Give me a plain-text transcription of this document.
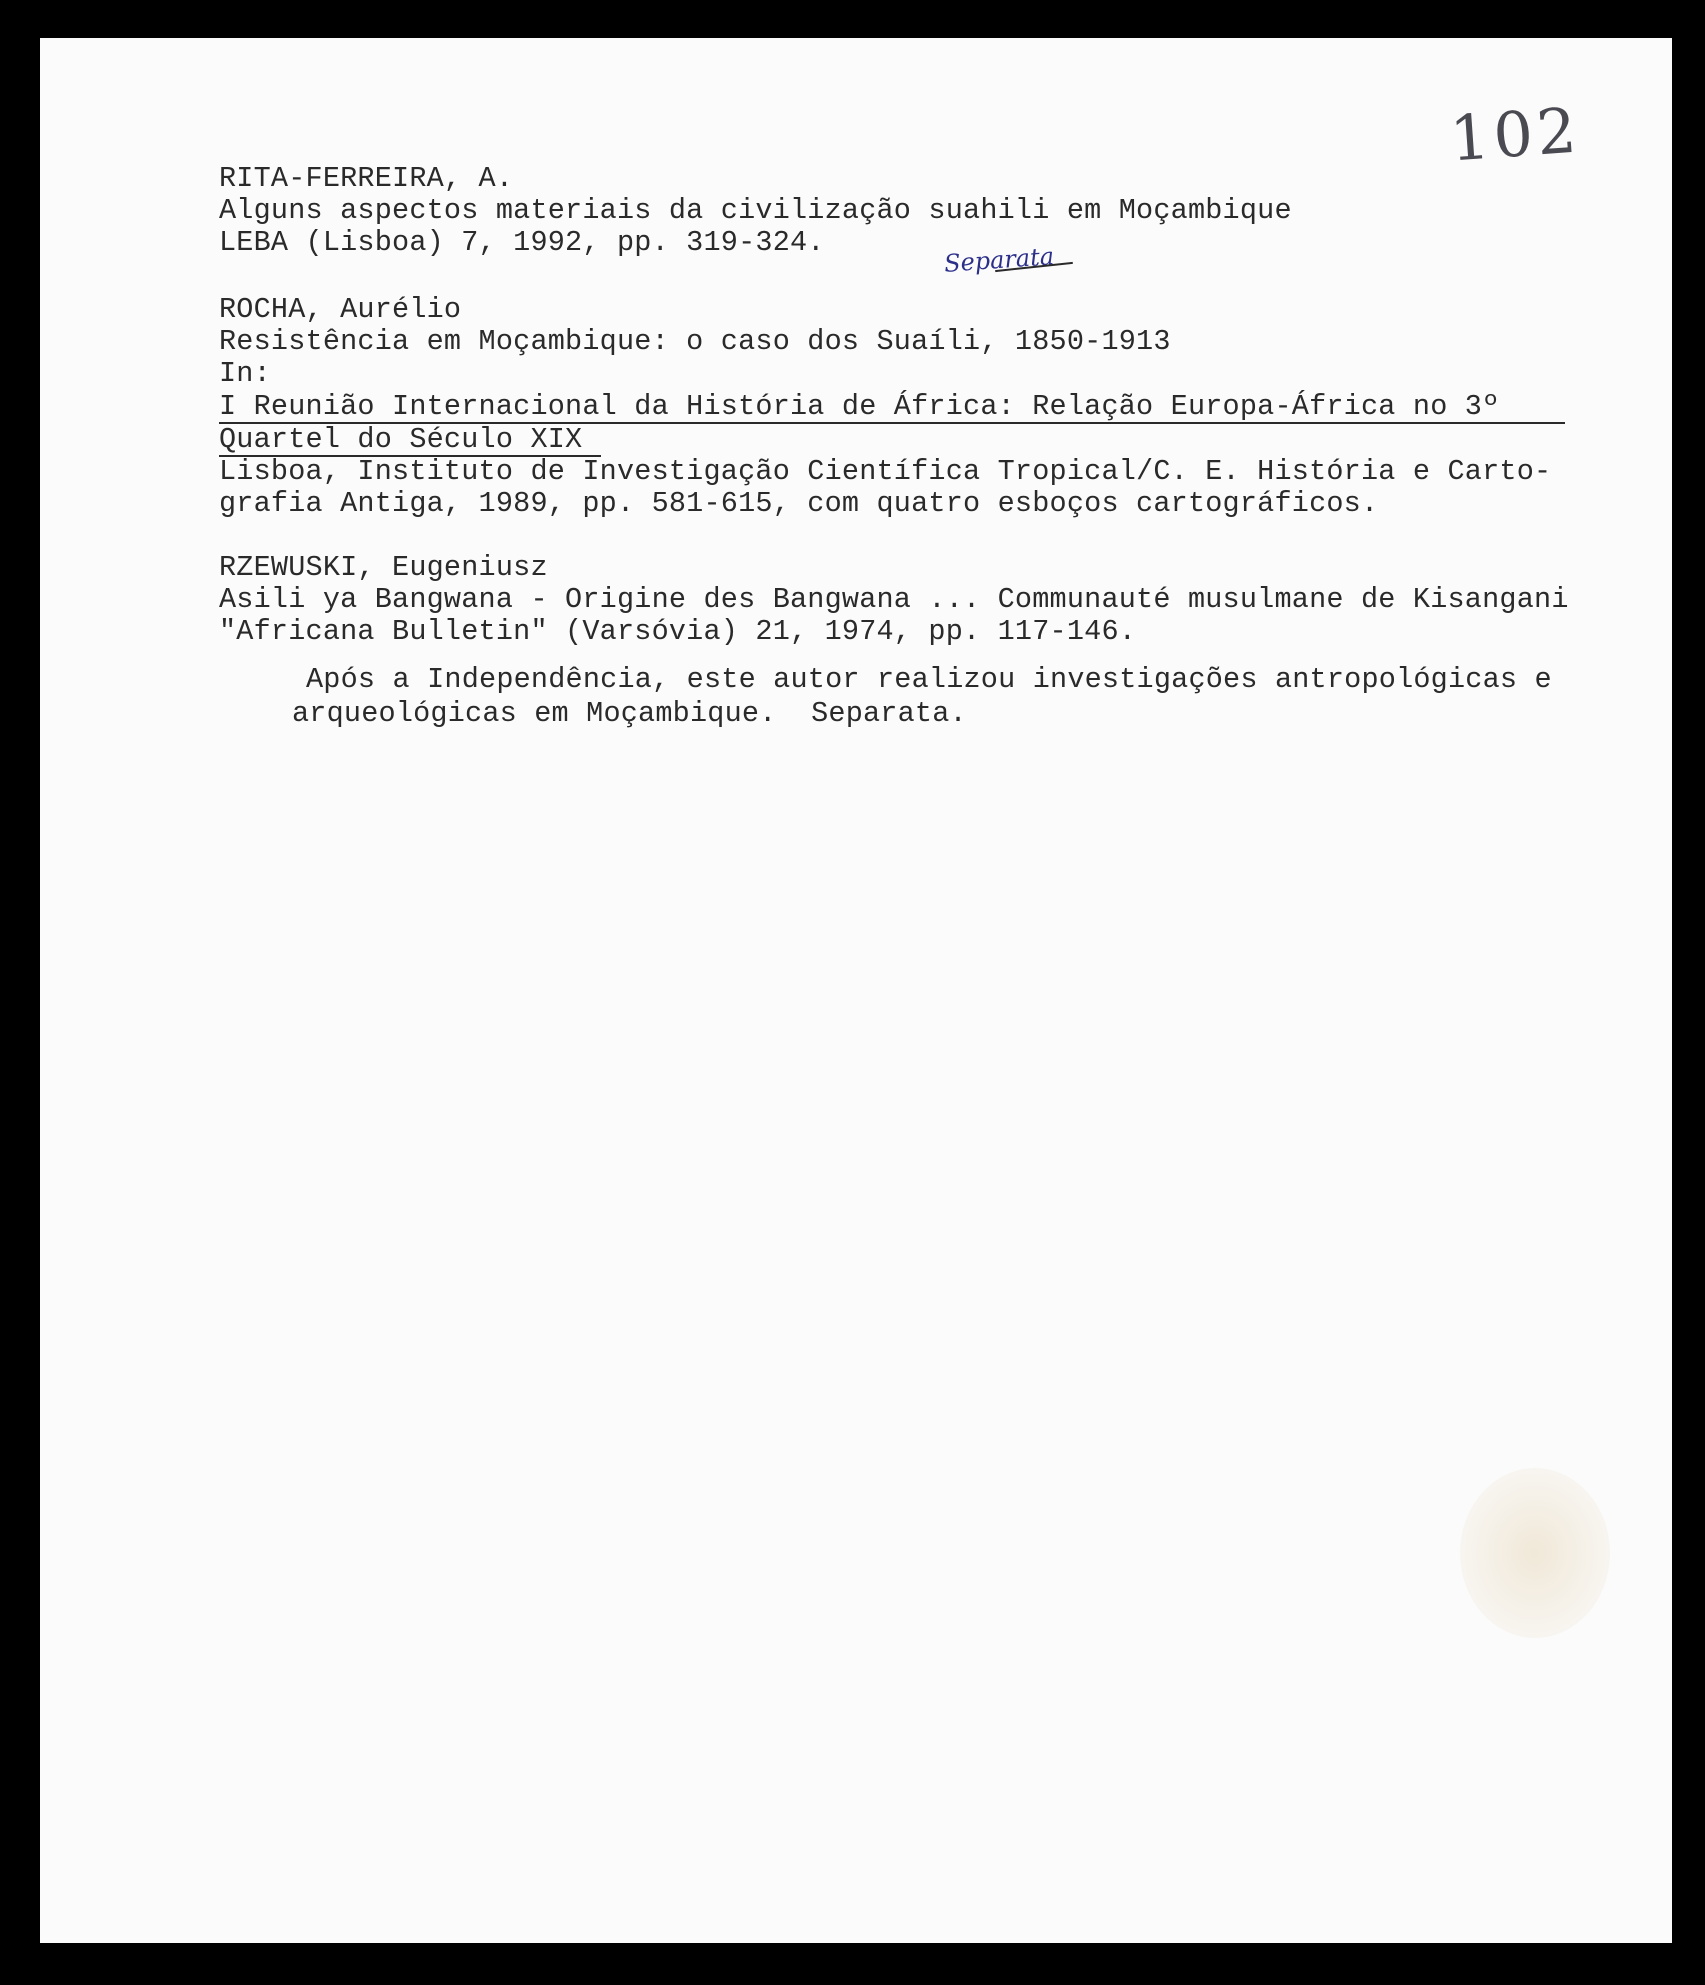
102

RITA-FERREIRA, A.

Alguns aspectos materiais da civilização suahili em Moçambique

LEBA (Lisboa) 7, 1992, pp. 319-324.	Separata

ROCHA, Aurélio

Resistência em Moçambique: o caso dos Suaíli, 1850-1913

In:

I Reunião Internacional da História de África: Relação Europa-África no 3º

Quartel do Século XIX

Lisboa, Instituto de Investigação Científica Tropical/C. E. História e Carto-

grafia Antiga, 1989, pp. 581-615, com quatro esboços cartográficos.

RZEWUSKI, Eugeniusz

Asili ya Bangwana - Origine des Bangwana ... Communauté musulmane de Kisangani

"Africana Bulletin" (Varsóvia) 21, 1974, pp. 117-146.

Após a Independência, este autor realizou investigações antropológicas e

arqueológicas em Moçambique.  Separata.
